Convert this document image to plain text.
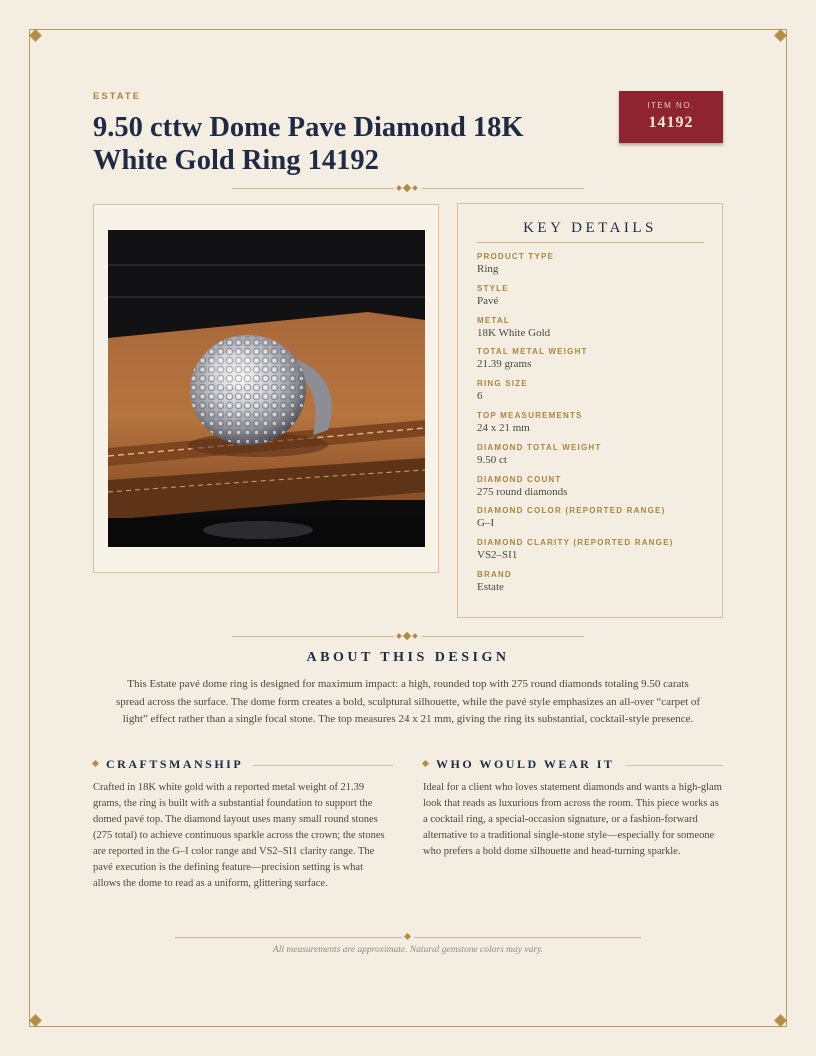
ESTATE
9.50 cttw Dome Pave Diamond 18K White Gold Ring 14192
ITEM NO.
14192
KEY DETAILS
PRODUCT TYPE
Ring
STYLE
Pavé
METAL
18K White Gold
TOTAL METAL WEIGHT
21.39 grams
RING SIZE
6
TOP MEASUREMENTS
24 x 21 mm
DIAMOND TOTAL WEIGHT
9.50 ct
DIAMOND COUNT
275 round diamonds
DIAMOND COLOR (REPORTED RANGE)
G–I
DIAMOND CLARITY (REPORTED RANGE)
VS2–SI1
BRAND
Estate
ABOUT THIS DESIGN

This Estate pavé dome ring is designed for maximum impact: a high, rounded top with 275 round diamonds totaling 9.50 carats spread across the surface. The dome form creates a bold, sculptural silhouette, while the pavé style emphasizes an all-over “carpet of light” effect rather than a single focal stone. The top measures 24 x 21 mm, giving the ring its substantial, cocktail-style presence.

CRAFTSMANSHIP

Crafted in 18K white gold with a reported metal weight of 21.39 grams, the ring is built with a substantial foundation to support the domed pavé top. The diamond layout uses many small round stones (275 total) to achieve continuous sparkle across the crown; the stones are reported in the G–I color range and VS2–SI1 clarity range. The pavé execution is the defining feature—precision setting is what allows the dome to read as a uniform, glittering surface.

WHO WOULD WEAR IT

Ideal for a client who loves statement diamonds and wants a high-glam look that reads as luxurious from across the room. This piece works as a cocktail ring, a special-occasion signature, or a fashion-forward alternative to a traditional single-stone style—especially for someone who prefers a bold dome silhouette and head-turning sparkle.

All measurements are approximate. Natural gemstone colors may vary.
